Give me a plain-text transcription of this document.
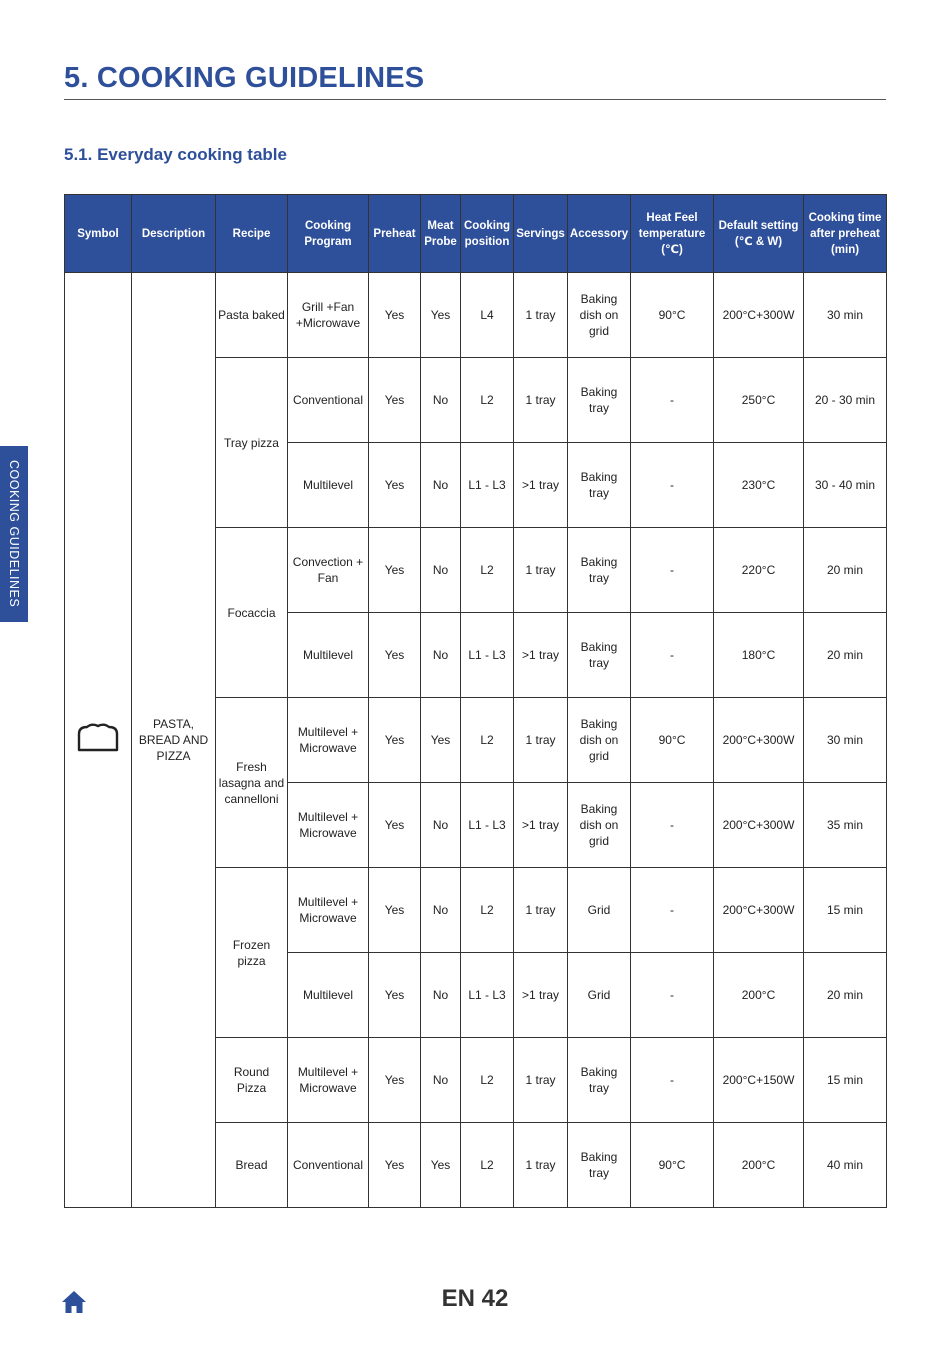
5. COOKING GUIDELINES
5.1. Everyday cooking table
COOKING GUIDELINES
Symbol	Description	Recipe	Cooking Program	Preheat	Meat Probe	Cooking position	Servings	Accessory	Heat Feel temperature (℃)	Default setting (℃ & W)	Cooking time after preheat (min)
	PASTA, BREAD AND PIZZA	Pasta baked	Grill +Fan +Microwave	Yes	Yes	L4	1 tray	Baking dish on grid	90°C	200°C+300W	30 min
		Tray pizza	Conventional	Yes	No	L2	1 tray	Baking tray	-	250°C	20 - 30 min
			Multilevel	Yes	No	L1 - L3	>1 tray	Baking tray	-	230°C	30 - 40 min
		Focaccia	Convection + Fan	Yes	No	L2	1 tray	Baking tray	-	220°C	20 min
			Multilevel	Yes	No	L1 - L3	>1 tray	Baking tray	-	180°C	20 min
		Fresh lasagna and cannelloni	Multilevel + Microwave	Yes	Yes	L2	1 tray	Baking dish on grid	90°C	200°C+300W	30 min
			Multilevel + Microwave	Yes	No	L1 - L3	>1 tray	Baking dish on grid	-	200°C+300W	35 min
		Frozen pizza	Multilevel + Microwave	Yes	No	L2	1 tray	Grid	-	200°C+300W	15 min
			Multilevel	Yes	No	L1 - L3	>1 tray	Grid	-	200°C	20 min
		Round Pizza	Multilevel + Microwave	Yes	No	L2	1 tray	Baking tray	-	200°C+150W	15 min
		Bread	Conventional	Yes	Yes	L2	1 tray	Baking tray	90°C	200°C	40 min
EN 42
